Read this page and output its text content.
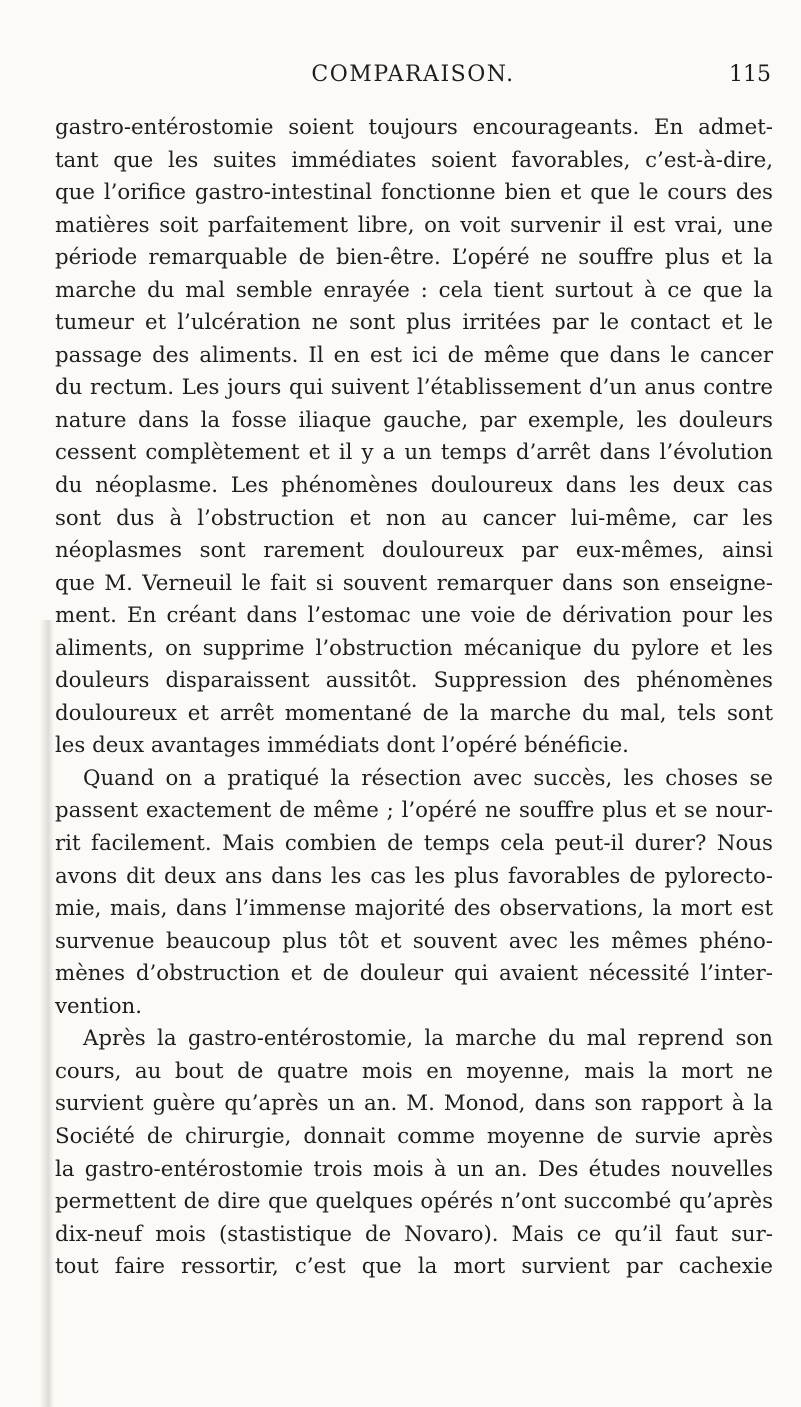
COMPARAISON.	115
gastro-entérostomie soient toujours encourageants. En admet-
tant que les suites immédiates soient favorables, c’est-à-dire,
que l’orifice gastro-intestinal fonctionne bien et que le cours des
matières soit parfaitement libre, on voit survenir il est vrai, une
période remarquable de bien-être. L’opéré ne souffre plus et la
marche du mal semble enrayée : cela tient surtout à ce que la
tumeur et l’ulcération ne sont plus irritées par le contact et le
passage des aliments. Il en est ici de même que dans le cancer
du rectum. Les jours qui suivent l’établissement d’un anus contre
nature dans la fosse iliaque gauche, par exemple, les douleurs
cessent complètement et il y a un temps d’arrêt dans l’évolution
du néoplasme. Les phénomènes douloureux dans les deux cas
sont dus à l’obstruction et non au cancer lui-même, car les
néoplasmes sont rarement douloureux par eux-mêmes, ainsi
que M. Verneuil le fait si souvent remarquer dans son enseigne-
ment. En créant dans l’estomac une voie de dérivation pour les
aliments, on supprime l’obstruction mécanique du pylore et les
douleurs disparaissent aussitôt. Suppression des phénomènes
douloureux et arrêt momentané de la marche du mal, tels sont
les deux avantages immédiats dont l’opéré bénéficie.
Quand on a pratiqué la résection avec succès, les choses se
passent exactement de même ; l’opéré ne souffre plus et se nour-
rit facilement. Mais combien de temps cela peut-il durer? Nous
avons dit deux ans dans les cas les plus favorables de pylorecto-
mie, mais, dans l’immense majorité des observations, la mort est
survenue beaucoup plus tôt et souvent avec les mêmes phéno-
mènes d’obstruction et de douleur qui avaient nécessité l’inter-
vention.
Après la gastro-entérostomie, la marche du mal reprend son
cours, au bout de quatre mois en moyenne, mais la mort ne
survient guère qu’après un an. M. Monod, dans son rapport à la
Société de chirurgie, donnait comme moyenne de survie après
la gastro-entérostomie trois mois à un an. Des études nouvelles
permettent de dire que quelques opérés n’ont succombé qu’après
dix-neuf mois (stastistique de Novaro). Mais ce qu’il faut sur-
tout faire ressortir, c’est que la mort survient par cachexie
